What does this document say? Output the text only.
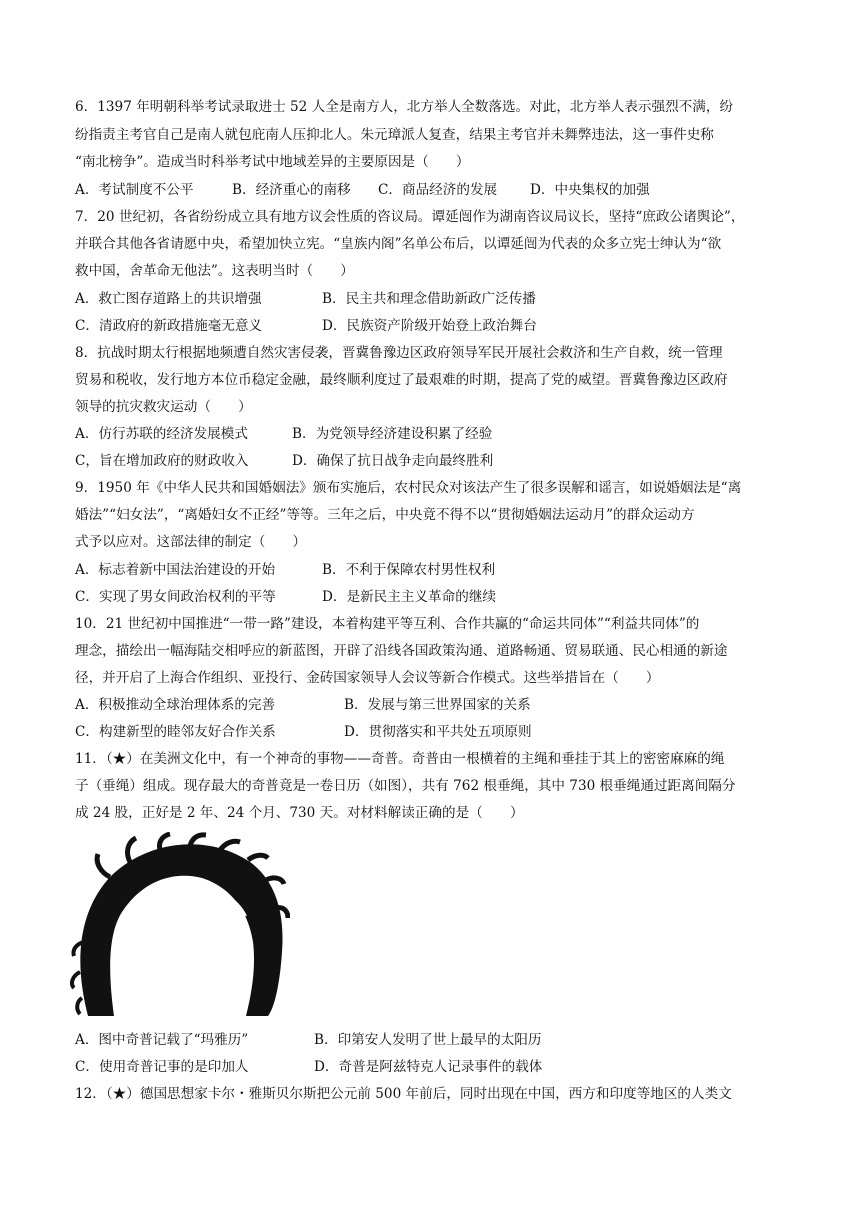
6．1397 年明朝科举考试录取进士 52 人全是南方人，北方举人全数落选。对此，北方举人表示强烈不满，纷
纷指责主考官自己是南人就包庇南人压抑北人。朱元璋派人复查，结果主考官并未舞弊违法，这一事件史称
“南北榜争”。造成当时科举考试中地域差异的主要原因是（　　）
A．考试制度不公平	B．经济重心的南移 C．商品经济的发展 D．中央集权的加强
7．20 世纪初，各省纷纷成立具有地方议会性质的咨议局。谭延闿作为湖南咨议局议长，坚持“庶政公诸舆论”，
并联合其他各省请愿中央，希望加快立宪。“皇族内阁”名单公布后，以谭延闿为代表的众多立宪士绅认为“欲
救中国，舍革命无他法”。这表明当时（　　）
A．救亡图存道路上的共识增强	B．民主共和理念借助新政广泛传播
C．清政府的新政措施毫无意义	D．民族资产阶级开始登上政治舞台
8．抗战时期太行根据地频遭自然灾害侵袭，晋冀鲁豫边区政府领导军民开展社会救济和生产自救，统一管理
贸易和税收，发行地方本位币稳定金融，最终顺利度过了最艰难的时期，提高了党的威望。晋冀鲁豫边区政府
领导的抗灾救灾运动（　　）
A．仿行苏联的经济发展模式	B．为党领导经济建设积累了经验
C，旨在增加政府的财政收入	D．确保了抗日战争走向最终胜利
9．1950 年《中华人民共和国婚姻法》颁布实施后，农村民众对该法产生了很多误解和谣言，如说婚姻法是“离
婚法”“妇女法”，“离婚妇女不正经”等等。三年之后，中央竟不得不以“贯彻婚姻法运动月”的群众运动方
式予以应对。这部法律的制定（　　）
A．标志着新中国法治建设的开始	B．不利于保障农村男性权利
C．实现了男女间政治权利的平等	D．是新民主主义革命的继续
10．21 世纪初中国推进“一带一路”建设，本着构建平等互利、合作共赢的“命运共同体”“利益共同体”的
理念，描绘出一幅海陆交相呼应的新蓝图，开辟了沿线各国政策沟通、道路畅通、贸易联通、民心相通的新途
径，并开启了上海合作组织、亚投行、金砖国家领导人会议等新合作模式。这些举措旨在（　　）
A．积极推动全球治理体系的完善	B．发展与第三世界国家的关系
C．构建新型的睦邻友好合作关系	D．贯彻落实和平共处五项原则
11．（★）在美洲文化中，有一个神奇的事物——奇普。奇普由一根横着的主绳和垂挂于其上的密密麻麻的绳
子（垂绳）组成。现存最大的奇普竟是一卷日历（如图），共有 762 根垂绳，其中 730 根垂绳通过距离间隔分
成 24 股，正好是 2 年、24 个月、730 天。对材料解读正确的是（　　）
A．图中奇普记载了“玛雅历”	B．印第安人发明了世上最早的太阳历
C．使用奇普记事的是印加人	D．奇普是阿兹特克人记录事件的载体
12．（★）德国思想家卡尔・雅斯贝尔斯把公元前 500 年前后，同时出现在中国，西方和印度等地区的人类文
